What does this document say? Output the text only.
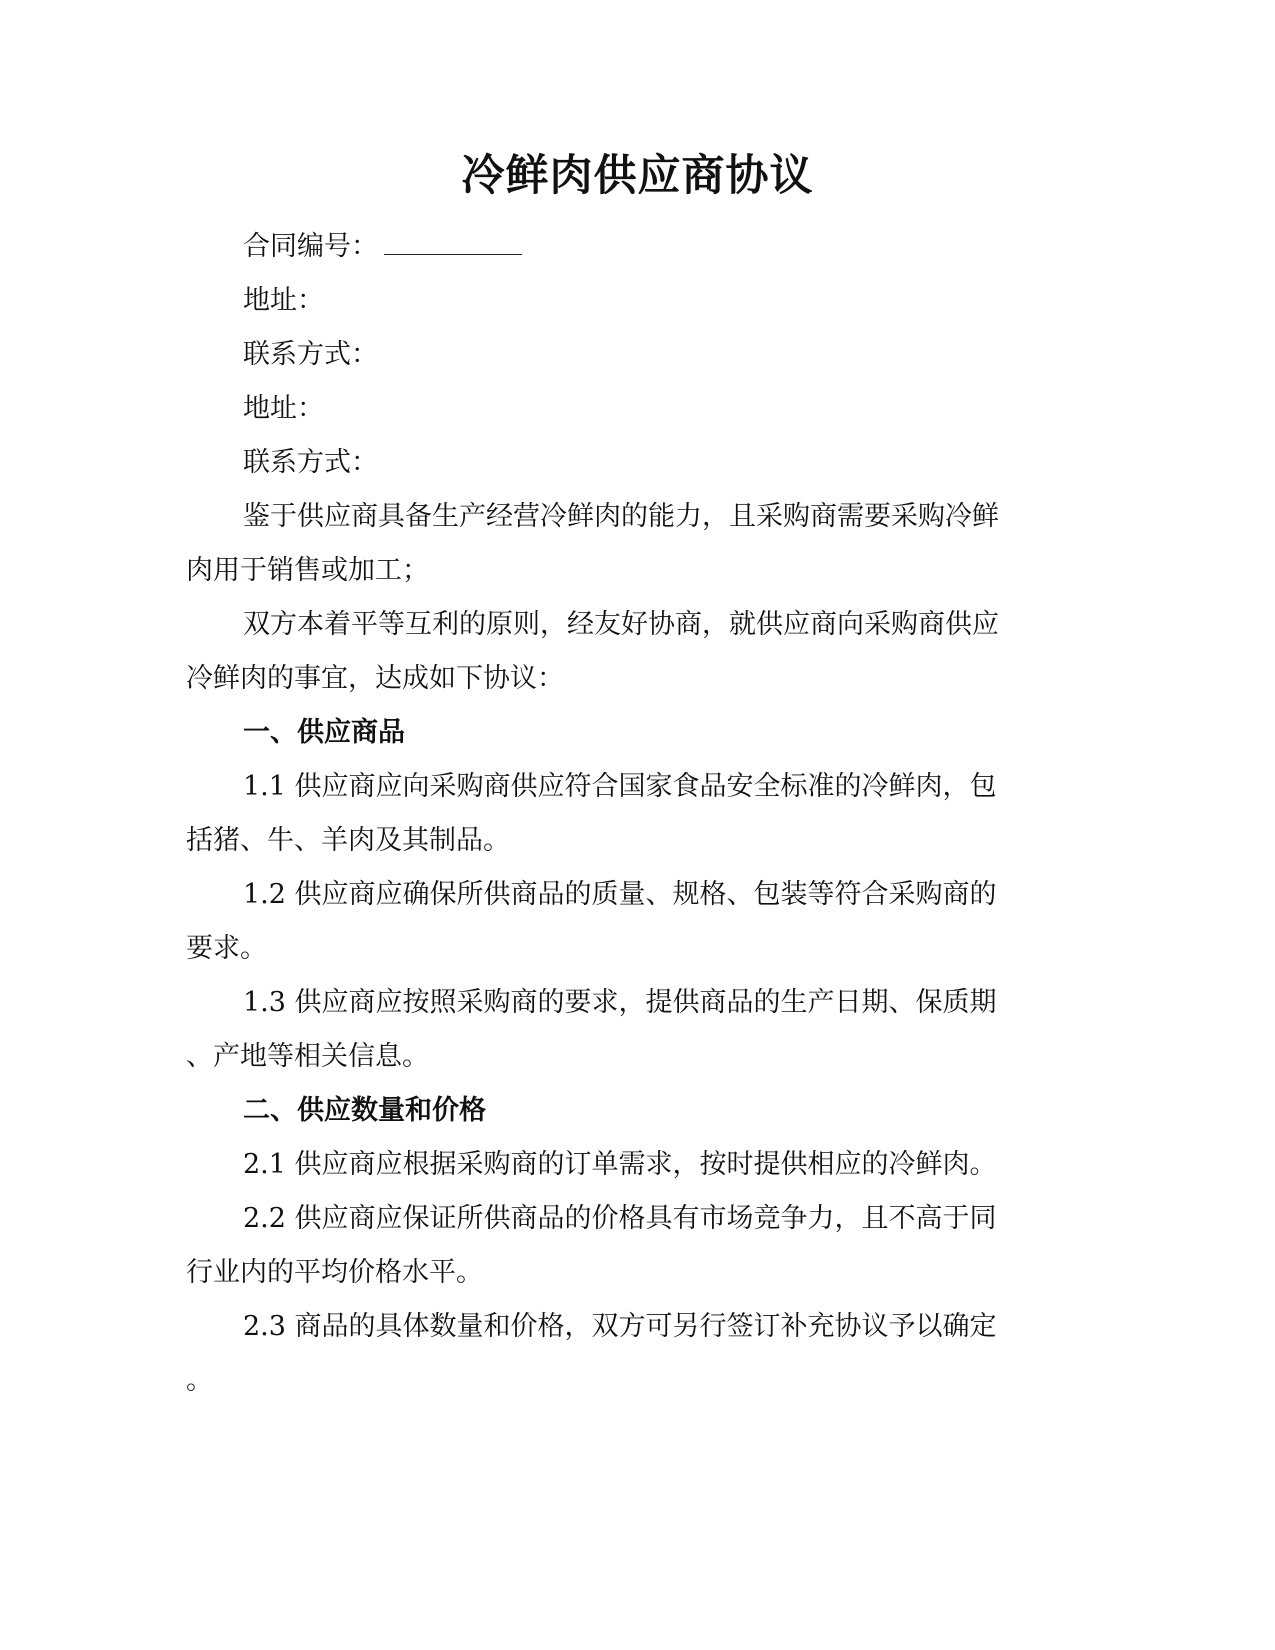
冷鲜肉供应商协议

合同编号：

地址：

联系方式：

地址：

联系方式：

鉴于供应商具备生产经营冷鲜肉的能力，且采购商需要采购冷鲜

肉用于销售或加工；

双方本着平等互利的原则，经友好协商，就供应商向采购商供应

冷鲜肉的事宜，达成如下协议：

一、供应商品

1.1 供应商应向采购商供应符合国家食品安全标准的冷鲜肉，包

括猪、牛、羊肉及其制品。

1.2 供应商应确保所供商品的质量、规格、包装等符合采购商的

要求。

1.3 供应商应按照采购商的要求，提供商品的生产日期、保质期

、产地等相关信息。

二、供应数量和价格

2.1 供应商应根据采购商的订单需求，按时提供相应的冷鲜肉。

2.2 供应商应保证所供商品的价格具有市场竞争力，且不高于同

行业内的平均价格水平。

2.3 商品的具体数量和价格，双方可另行签订补充协议予以确定

。
